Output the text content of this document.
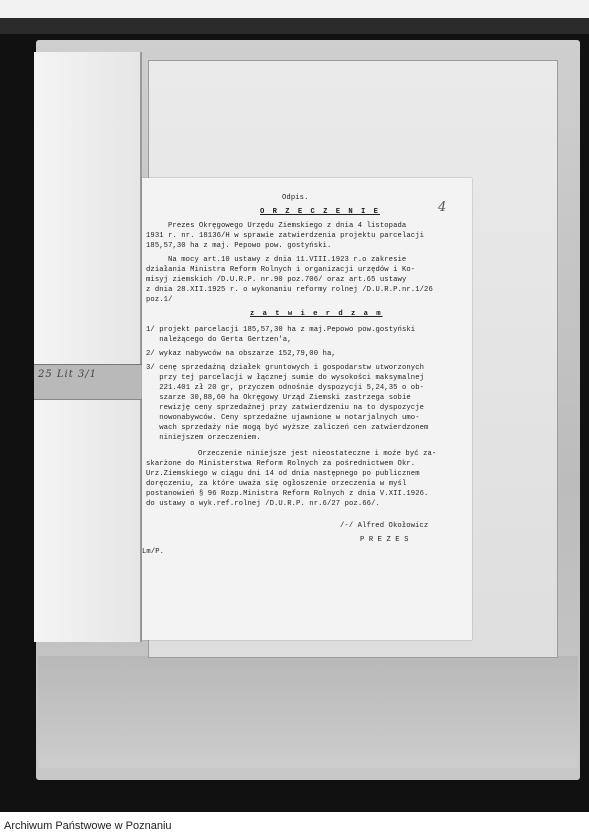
25 Lit 3/1
4
Odpis.
O R Z E C Z E N I E
Prezes Okręgowego Urzędu Ziemskiego z dnia 4 listopada
1931 r. nr. 18136/H w sprawie zatwierdzenia projektu parcelacji
185,57,30 ha z maj. Pepowo pow. gostyński.
Na mocy art.10 ustawy z dnia 11.VIII.1923 r.o zakresie
działania Ministra Reform Rolnych i organizacji urzędów i Ko-
misyj ziemskich /D.U.R.P. nr.90 poz.706/ oraz art.65 ustawy
z dnia 28.XII.1925 r. o wykonaniu reformy rolnej /D.U.R.P.nr.1/26
poz.1/
z a t w i e r d z a m
1/ projekt parcelacji 185,57,30 ha z maj.Pepowo pow.gostyński
należącego do Gerta Gertzen'a,
2/ wykaz nabywców na obszarze 152,79,00 ha,
3/ cenę sprzedażną działek gruntowych i gospodarstw utworzonych
przy tej parcelacji w łącznej sumie do wysokości maksymalnej
221.401 zł 20 gr, przyczem odnośnie dyspozycji 5,24,35 o ob-
szarze 30,88,60 ha Okręgowy Urząd Ziemski zastrzega sobie
rewizję ceny sprzedażnej przy zatwierdzeniu na to dyspozycje
nowonabywców. Ceny sprzedażne ujawnione w notarjalnych umo-
wach sprzedaży nie mogą być wyższe zaliczeń cen zatwierdzonem
niniejszem orzeczeniem.
Orzeczenie niniejsze jest nieostateczne i może być za-
skarżone do Ministerstwa Reform Rolnych za pośrednictwem Okr.
Urz.Ziemskiego w ciągu dni 14 od dnia następnego po publicznem
doręczeniu, za które uważa się ogłoszenie orzeczenia w myśl
postanowień § 96 Rozp.Ministra Reform Rolnych z dnia V.XII.1926.
do ustawy o wyk.ref.rolnej /D.U.R.P. nr.6/27 poz.66/.
/-/ Alfred Okołowicz
P R E Z E S
Lm/P.
Archiwum Państwowe w Poznaniu
